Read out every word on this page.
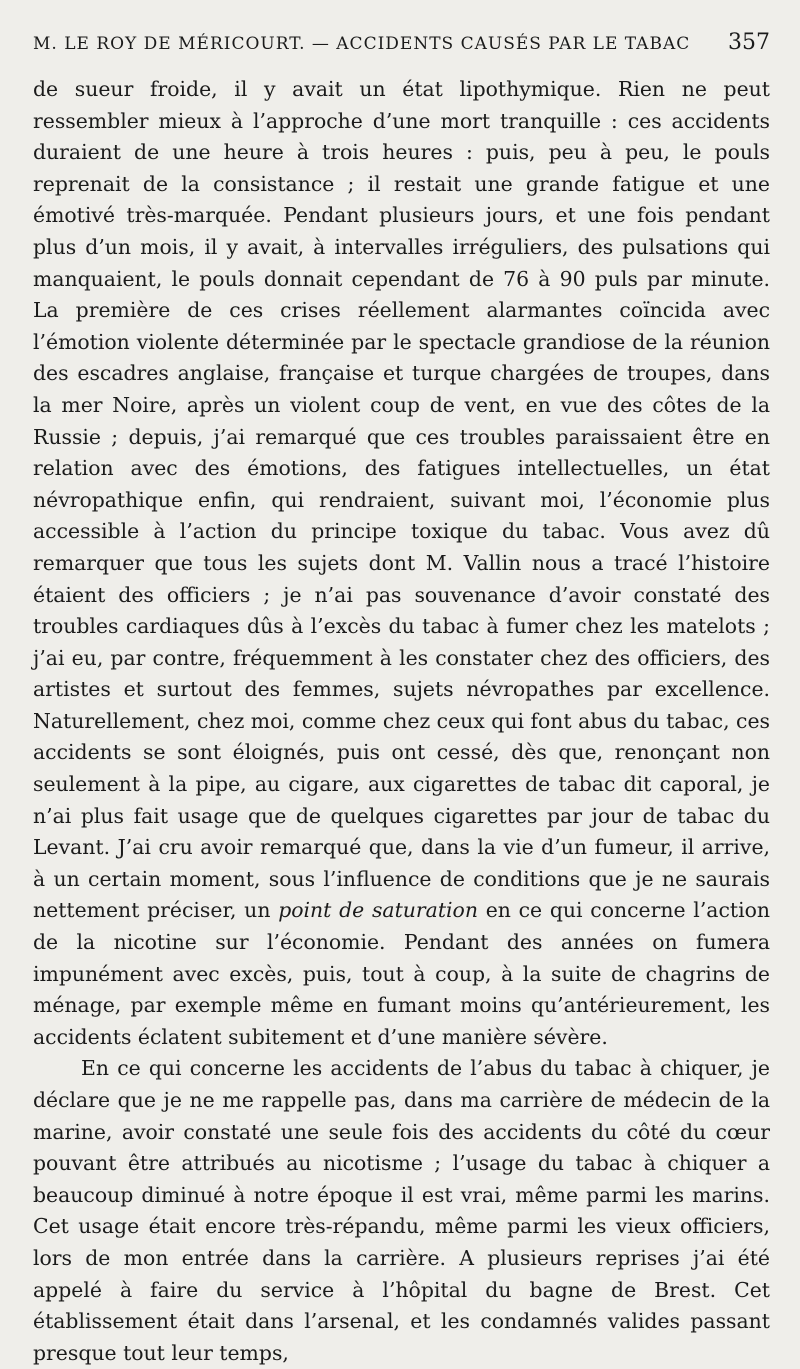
M. LE ROY DE MÉRICOURT. — ACCIDENTS CAUSÉS PAR LE TABAC 357

de sueur froide, il y avait un état lipothymique. Rien ne peut ressembler mieux à l’approche d’une mort tranquille : ces accidents duraient de une heure à trois heures : puis, peu à peu, le pouls reprenait de la consistance ; il restait une grande fatigue et une émotivé très-marquée. Pendant plusieurs jours, et une fois pendant plus d’un mois, il y avait, à intervalles irréguliers, des pulsations qui manquaient, le pouls donnait cependant de 76 à 90 puls par minute. La première de ces crises réellement alarmantes coïncida avec l’émotion violente déterminée par le spectacle grandiose de la réunion des escadres anglaise, française et turque chargées de troupes, dans la mer Noire, après un violent coup de vent, en vue des côtes de la Russie ; depuis, j’ai remarqué que ces troubles paraissaient être en relation avec des émotions, des fatigues intellectuelles, un état névropathique enfin, qui rendraient, suivant moi, l’économie plus accessible à l’action du principe toxique du tabac. Vous avez dû remarquer que tous les sujets dont M. Vallin nous a tracé l’histoire étaient des officiers ; je n’ai pas souvenance d’avoir constaté des troubles cardiaques dûs à l’excès du tabac à fumer chez les matelots ; j’ai eu, par contre, fréquemment à les constater chez des officiers, des artistes et surtout des femmes, sujets névropathes par excellence. Naturellement, chez moi, comme chez ceux qui font abus du tabac, ces accidents se sont éloignés, puis ont cessé, dès que, renonçant non seulement à la pipe, au cigare, aux cigarettes de tabac dit caporal, je n’ai plus fait usage que de quelques cigarettes par jour de tabac du Levant. J’ai cru avoir remarqué que, dans la vie d’un fumeur, il arrive, à un certain moment, sous l’influence de conditions que je ne saurais nettement préciser, un point de saturation en ce qui concerne l’action de la nicotine sur l’économie. Pendant des années on fumera impunément avec excès, puis, tout à coup, à la suite de chagrins de ménage, par exemple même en fumant moins qu’antérieurement, les accidents éclatent subitement et d’une manière sévère.

En ce qui concerne les accidents de l’abus du tabac à chiquer, je déclare que je ne me rappelle pas, dans ma carrière de médecin de la marine, avoir constaté une seule fois des accidents du côté du cœur pouvant être attribués au nicotisme ; l’usage du tabac à chiquer a beaucoup diminué à notre époque il est vrai, même parmi les marins. Cet usage était encore très-répandu, même parmi les vieux officiers, lors de mon entrée dans la carrière. A plusieurs reprises j’ai été appelé à faire du service à l’hôpital du bagne de Brest. Cet établissement était dans l’arsenal, et les condamnés valides passant presque tout leur temps,
